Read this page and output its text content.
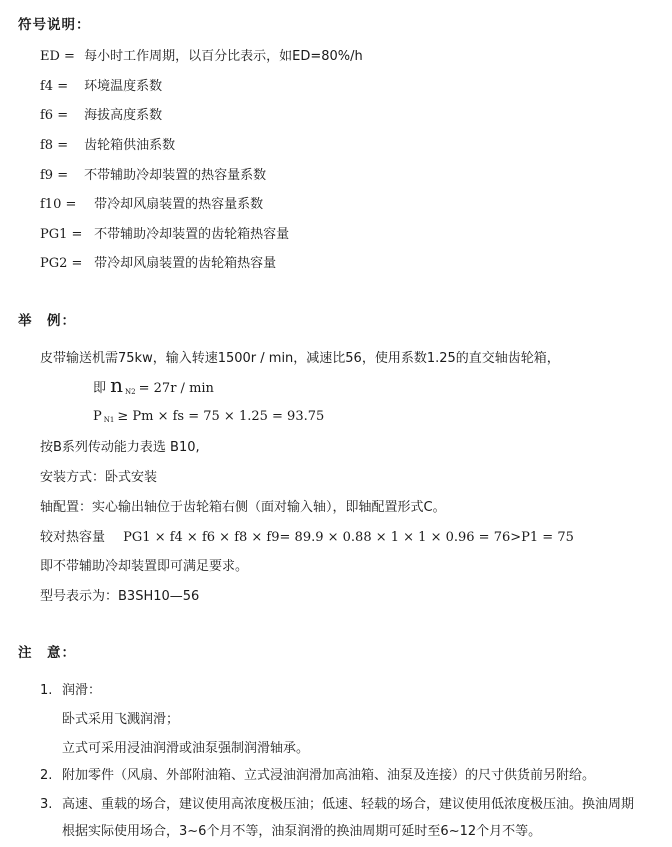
符号说明：
ED = 每小时工作周期，以百分比表示，如ED=80%/h
f4 = 环境温度系数
f6 = 海拔高度系数
f8 = 齿轮箱供油系数
f9 = 不带辅助冷却装置的热容量系数
f10 = 带冷却风扇装置的热容量系数
PG1 = 不带辅助冷却装置的齿轮箱热容量
PG2 = 带冷却风扇装置的齿轮箱热容量
举　例：
皮带输送机需75kw，输入转速1500r / min，减速比56，使用系数1.25的直交轴齿轮箱，
即 n $_{N2}$ = 27r / min
P $_{N1}$ ≥ Pm × fs = 75 × 1.25 = 93.75
按B系列传动能力表选 B10,
安装方式：卧式安装
轴配置：实心输出轴位于齿轮箱右侧（面对输入轴），即轴配置形式C。
较对热容量 PG1 × f4 × f6 × f8 × f9= 89.9 × 0.88 × 1 × 1 × 0.96 = 76>P1 = 75
即不带辅助冷却装置即可满足要求。
型号表示为：B3SH10—56
注　意：
1. 润滑：
卧式采用飞溅润滑；
立式可采用浸油润滑或油泵强制润滑轴承。
2. 附加零件（风扇、外部附油箱、立式浸油润滑加高油箱、油泵及连接）的尺寸供货前另附给。
3. 高速、重载的场合，建议使用高浓度极压油；低速、轻载的场合，建议使用低浓度极压油。换油周期
根据实际使用场合，3~6个月不等，油泵润滑的换油周期可延时至6~12个月不等。
